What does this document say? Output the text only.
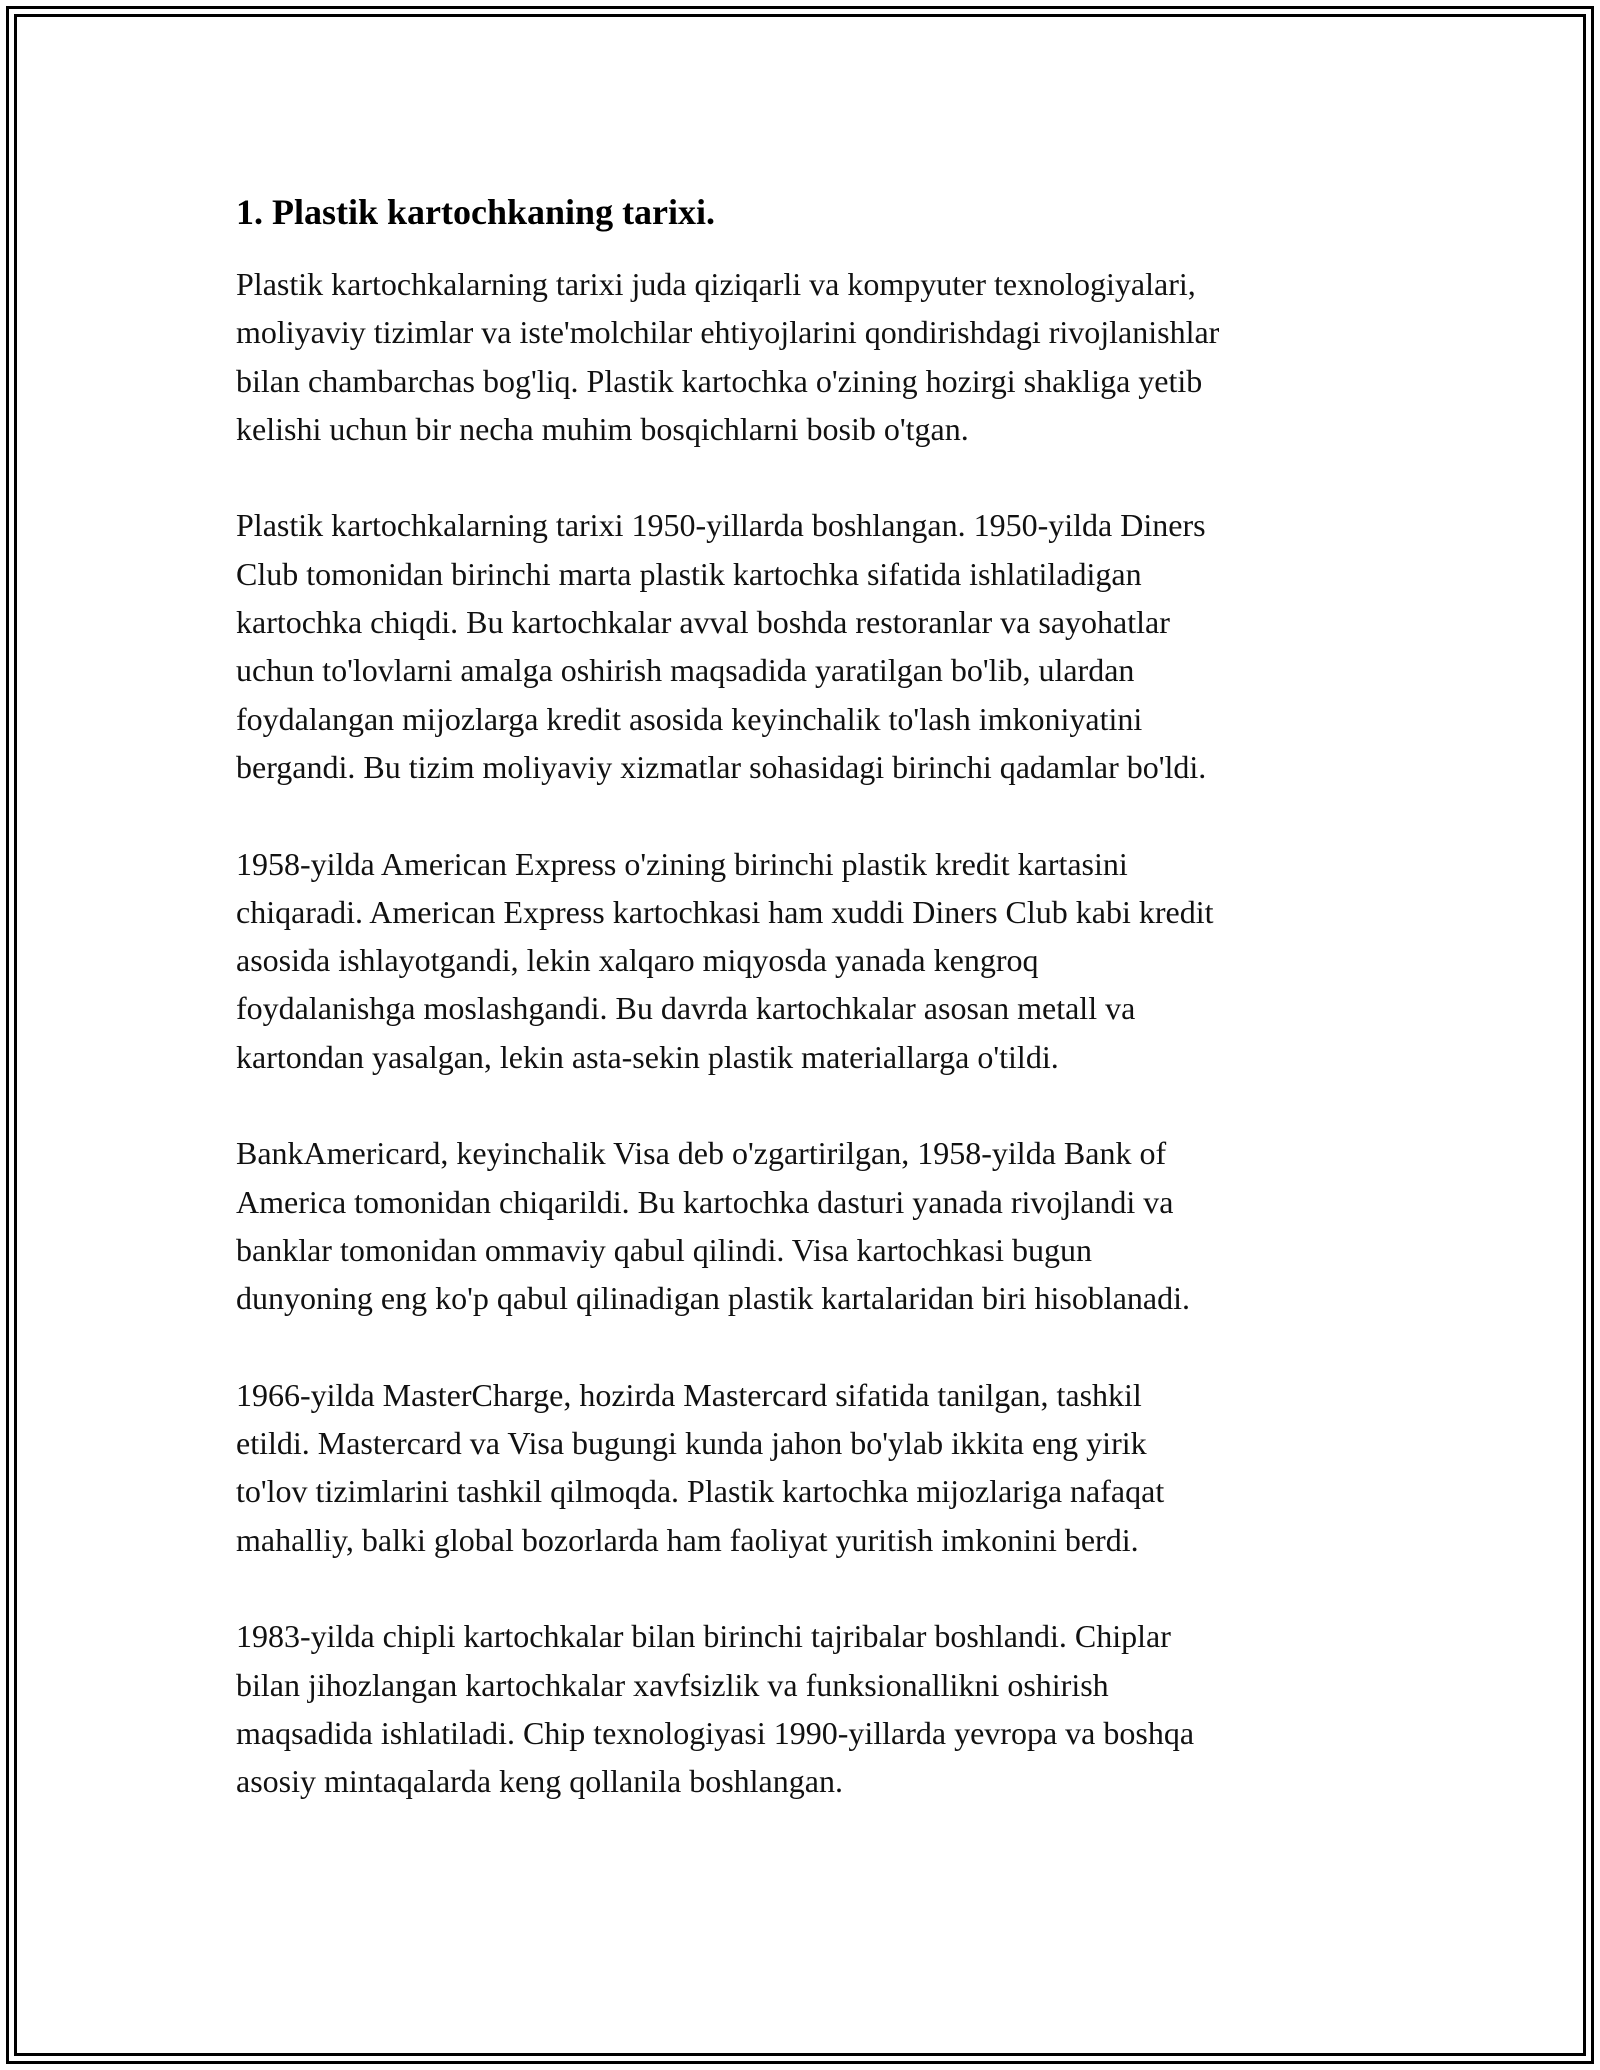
1. Plastik kartochkaning tarixi.

Plastik kartochkalarning tarixi juda qiziqarli va kompyuter texnologiyalari,
moliyaviy tizimlar va iste'molchilar ehtiyojlarini qondirishdagi rivojlanishlar
bilan chambarchas bog'liq. Plastik kartochka o'zining hozirgi shakliga yetib
kelishi uchun bir necha muhim bosqichlarni bosib o'tgan.

Plastik kartochkalarning tarixi 1950-yillarda boshlangan. 1950-yilda Diners
Club tomonidan birinchi marta plastik kartochka sifatida ishlatiladigan
kartochka chiqdi. Bu kartochkalar avval boshda restoranlar va sayohatlar
uchun to'lovlarni amalga oshirish maqsadida yaratilgan bo'lib, ulardan
foydalangan mijozlarga kredit asosida keyinchalik to'lash imkoniyatini
bergandi. Bu tizim moliyaviy xizmatlar sohasidagi birinchi qadamlar bo'ldi.

1958-yilda American Express o'zining birinchi plastik kredit kartasini
chiqaradi. American Express kartochkasi ham xuddi Diners Club kabi kredit
asosida ishlayotgandi, lekin xalqaro miqyosda yanada kengroq
foydalanishga moslashgandi. Bu davrda kartochkalar asosan metall va
kartondan yasalgan, lekin asta-sekin plastik materiallarga o'tildi.

BankAmericard, keyinchalik Visa deb o'zgartirilgan, 1958-yilda Bank of
America tomonidan chiqarildi. Bu kartochka dasturi yanada rivojlandi va
banklar tomonidan ommaviy qabul qilindi. Visa kartochkasi bugun
dunyoning eng ko'p qabul qilinadigan plastik kartalaridan biri hisoblanadi.

1966-yilda MasterCharge, hozirda Mastercard sifatida tanilgan, tashkil
etildi. Mastercard va Visa bugungi kunda jahon bo'ylab ikkita eng yirik
to'lov tizimlarini tashkil qilmoqda. Plastik kartochka mijozlariga nafaqat
mahalliy, balki global bozorlarda ham faoliyat yuritish imkonini berdi.

1983-yilda chipli kartochkalar bilan birinchi tajribalar boshlandi. Chiplar
bilan jihozlangan kartochkalar xavfsizlik va funksionallikni oshirish
maqsadida ishlatiladi. Chip texnologiyasi 1990-yillarda yevropa va boshqa
asosiy mintaqalarda keng qollanila boshlangan.
